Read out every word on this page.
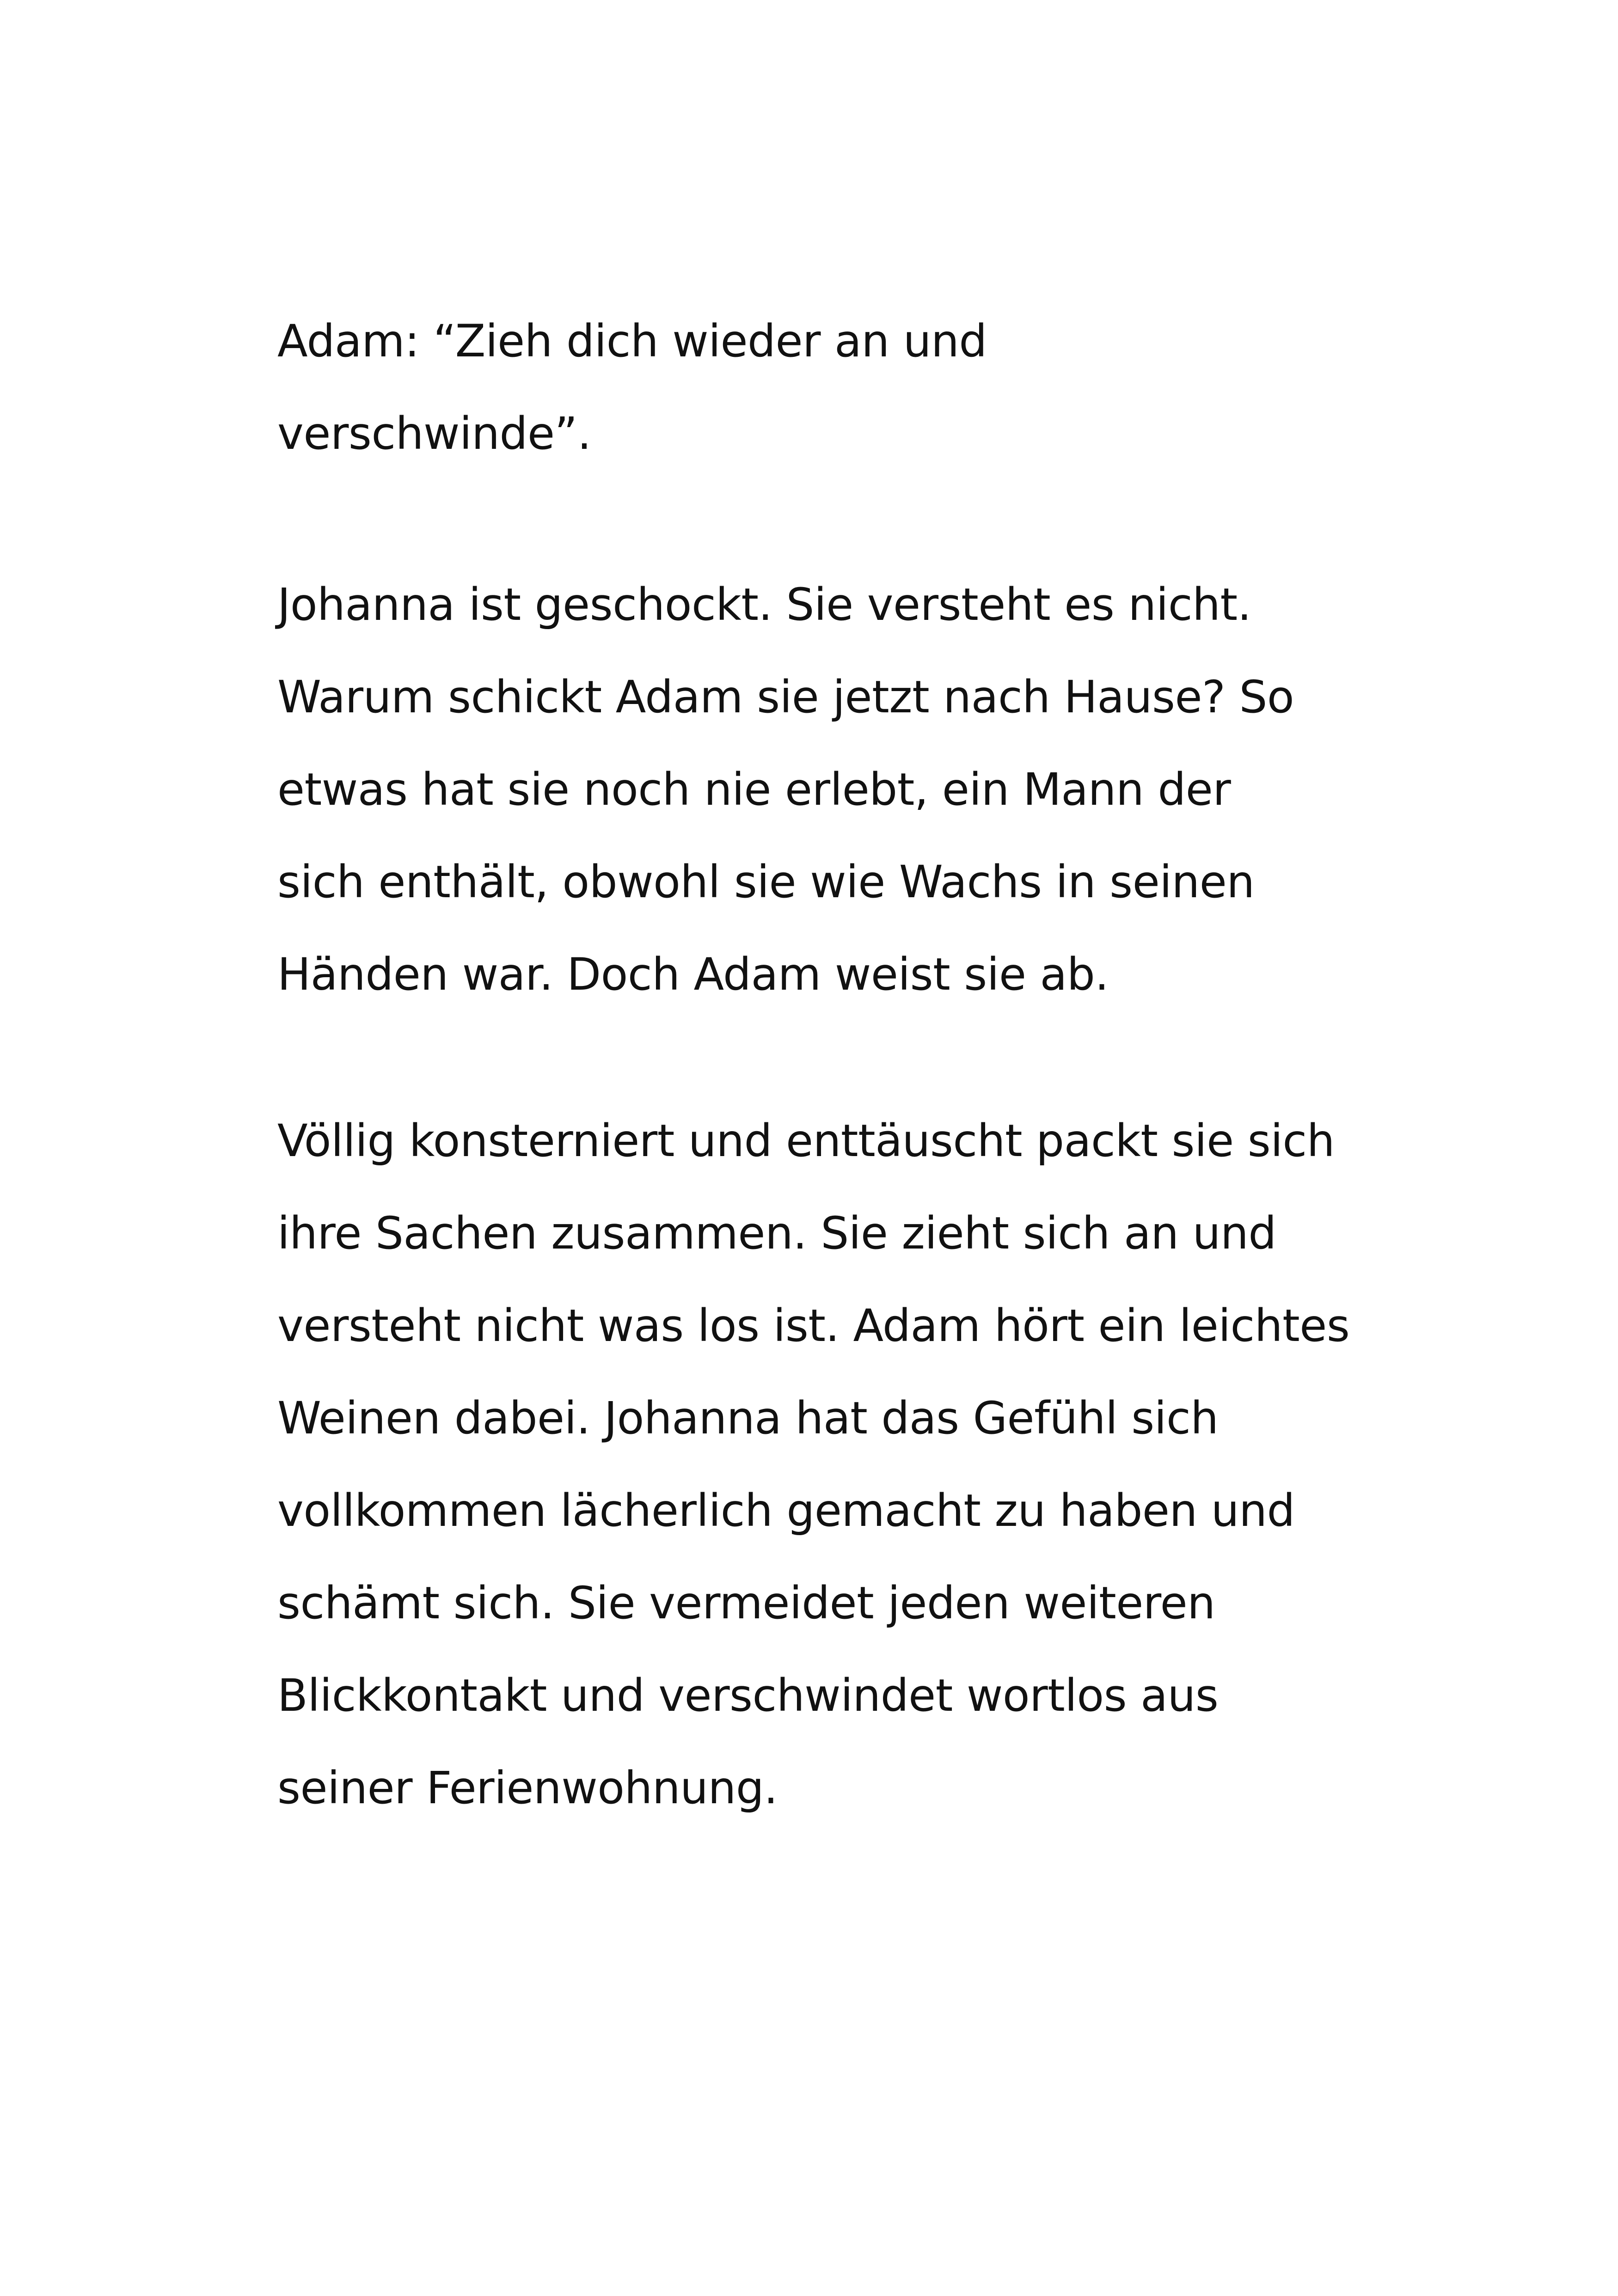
Adam: “Zieh dich wieder an und

verschwinde”.

Johanna ist geschockt. Sie versteht es nicht.

Warum schickt Adam sie jetzt nach Hause? So

etwas hat sie noch nie erlebt, ein Mann der

sich enthält, obwohl sie wie Wachs in seinen

Händen war. Doch Adam weist sie ab.

Völlig konsterniert und enttäuscht packt sie sich

ihre Sachen zusammen. Sie zieht sich an und

versteht nicht was los ist. Adam hört ein leichtes

Weinen dabei. Johanna hat das Gefühl sich

vollkommen lächerlich gemacht zu haben und

schämt sich. Sie vermeidet jeden weiteren

Blickkontakt und verschwindet wortlos aus

seiner Ferienwohnung.
